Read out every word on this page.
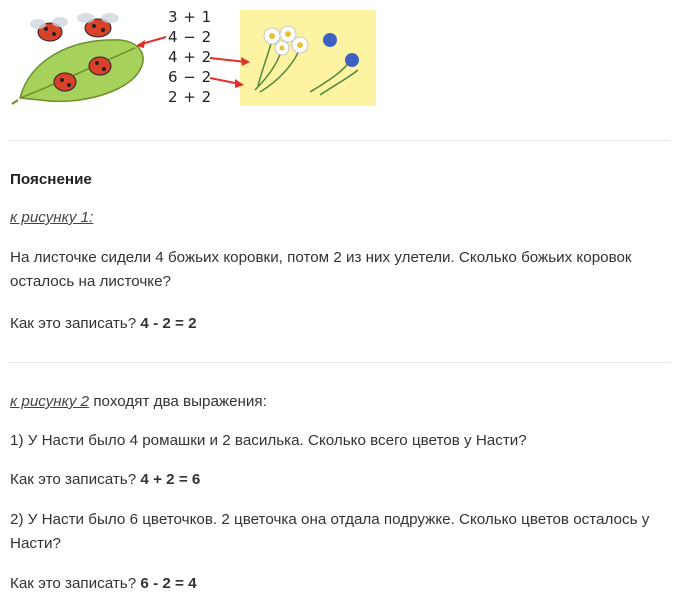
3 + 1
4 − 2
4 + 2
6 − 2
2 + 2
Пояснение
к рисунку 1:
На листочке сидели 4 божьих коровки, потом 2 из них улетели. Сколько божьих коровок осталось на листочке?
Как это записать? 4 - 2 = 2
к рисунку 2 походят два выражения:
1) У Насти было 4 ромашки и 2 василька. Сколько всего цветов у Насти?
Как это записать? 4 + 2 = 6
2) У Насти было 6 цветочков. 2 цветочка она отдала подружке. Сколько цветов осталось у Насти?
Как это записать? 6 - 2 = 4
